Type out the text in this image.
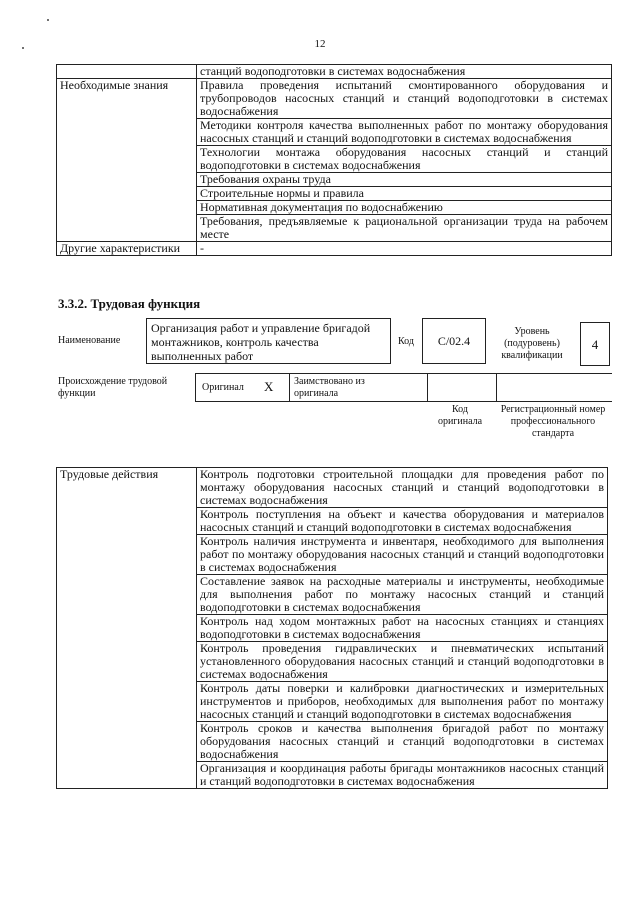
12
	станций водоподготовки в системах водоснабжения
Необходимые знания	Правила проведения испытаний смонтированного оборудования и трубопроводов насосных станций и станций водоподготовки в системах водоснабжения
	Методики контроля качества выполненных работ по монтажу оборудования насосных станций и станций водоподготовки в системах водоснабжения
	Технологии монтажа оборудования насосных станций и станций водоподготовки в системах водоснабжения
	Требования охраны труда
	Строительные нормы и правила
	Нормативная документация по водоснабжению
	Требования, предъявляемые к рациональной организации труда на рабочем месте
Другие характеристики	-
3.3.2. Трудовая функция
Наименование
Организация работ и управление бригадой монтажников, контроль качества выполненных работ
Код	C/02.4
Уровень (подуровень) квалификации
4
Происхождение трудовой функции
Оригинал X Заимствовано из оригинала
Код оригинала
Регистрационный номер профессионального стандарта
Трудовые действия	Контроль подготовки строительной площадки для проведения работ по монтажу оборудования насосных станций и станций водоподготовки в системах водоснабжения
Контроль поступления на объект и качества оборудования и материалов насосных станций и станций водоподготовки в системах водоснабжения
Контроль наличия инструмента и инвентаря, необходимого для выполнения работ по монтажу оборудования насосных станций и станций водоподготовки в системах водоснабжения
Составление заявок на расходные материалы и инструменты, необходимые для выполнения работ по монтажу насосных станций и станций водоподготовки в системах водоснабжения
Контроль над ходом монтажных работ на насосных станциях и станциях водоподготовки в системах водоснабжения
Контроль проведения гидравлических и пневматических испытаний установленного оборудования насосных станций и станций водоподготовки в системах водоснабжения
Контроль даты поверки и калибровки диагностических и измерительных инструментов и приборов, необходимых для выполнения работ по монтажу насосных станций и станций водоподготовки в системах водоснабжения
Контроль сроков и качества выполнения бригадой работ по монтажу оборудования насосных станций и станций водоподготовки в системах водоснабжения
Организация и координация работы бригады монтажников насосных станций и станций водоподготовки в системах водоснабжения
